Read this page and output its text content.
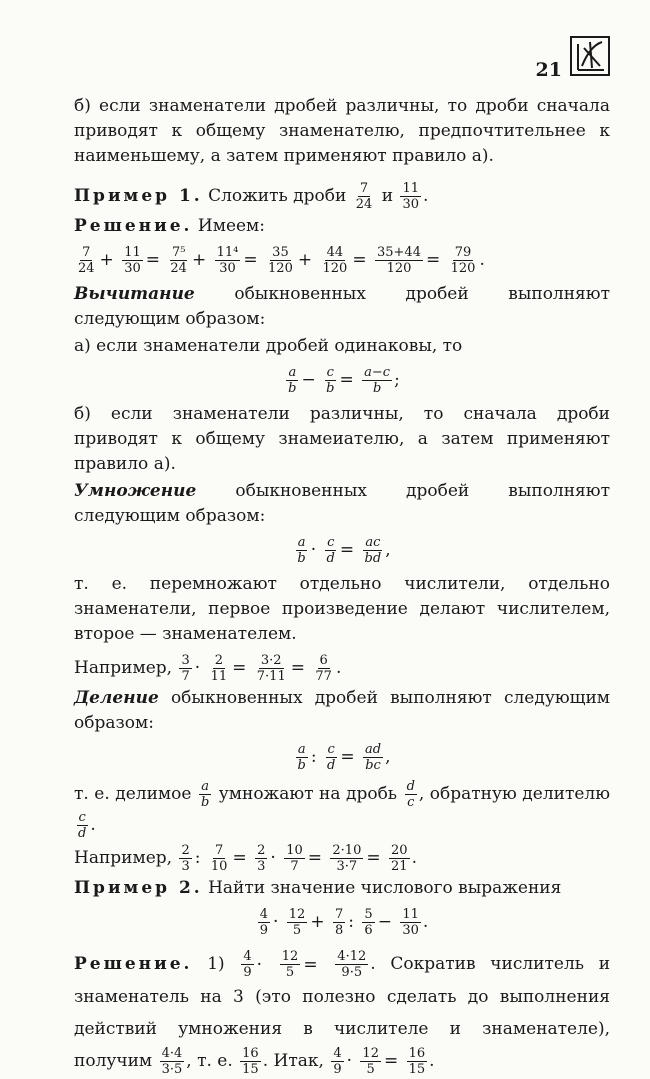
21

б) если знаменатели дробей различны, то дроби сначала приводят к общему знаменателю, предпочтительнее к наименьшему, а затем применяют правило а).

Пример 1. Сложить дроби $\frac{7}{24}$ и $\frac{11}{30}$ .

Решение. Имеем:

$\frac{7}{24} + \frac{11}{30} = \frac{\text{7⁵}}{24} + \frac{\text{11⁴}}{30} = \frac{35}{120} + \frac{44}{120} = \frac{35+44}{120} = \frac{79}{120}$ .

Вычитание обыкновенных дробей выполняют следующим образом:

а) если знаменатели дробей одинаковы, то

$\frac{a}{b} - \frac{c}{b} = \frac{a-c}{b}$ ;

б) если знаменатели различны, то сначала дроби приводят к общему знамеиателю, а затем применяют правило а).

Умножение обыкновенных дробей выполняют следующим образом:

$\frac{a}{b} \cdot \frac{c}{d} = \frac{ac}{bd}$ ,

т. е. перемножают отдельно числители, отдельно знаменатели, первое произведение делают числителем, второе — знаменателем.

Например, $\frac{3}{7} \cdot \frac{2}{11} = \frac{3\cdot 2}{7\cdot 11} = \frac{6}{77}$ .

Деление обыкновенных дробей выполняют следующим образом:

$\frac{a}{b}$ : $\frac{c}{d} = \frac{ad}{bc}$ ,

т. е. делимое $\frac{a}{b}$ умножают на дробь $\frac{d}{c}$ , обратную делителю
$\frac{c}{d}$ .

Например, $\frac{2}{3}$ : $\frac{7}{10} = \frac{2}{3} \cdot \frac{10}{7} = \frac{2\cdot 10}{3\cdot 7} = \frac{20}{21}$ .

Пример 2. Найти значение числового выражения

$\frac{4}{9} \cdot \frac{12}{5} + \frac{7}{8}$ : $\frac{5}{6} - \frac{11}{30}$ .

Решение. $1) \frac{4}{9} \cdot \frac{12}{5} = \frac{4\cdot 12}{9\cdot 5}$ . Сократив числитель и знаменатель на 3 (это полезно сделать до выполнения действий умножения в числителе и знаменателе), получим $\frac{4\cdot 4}{3\cdot 5}$ , т. е. $\frac{16}{15}$ . Итак, $\frac{4}{9} \cdot \frac{12}{5} = \frac{16}{15}$ .
